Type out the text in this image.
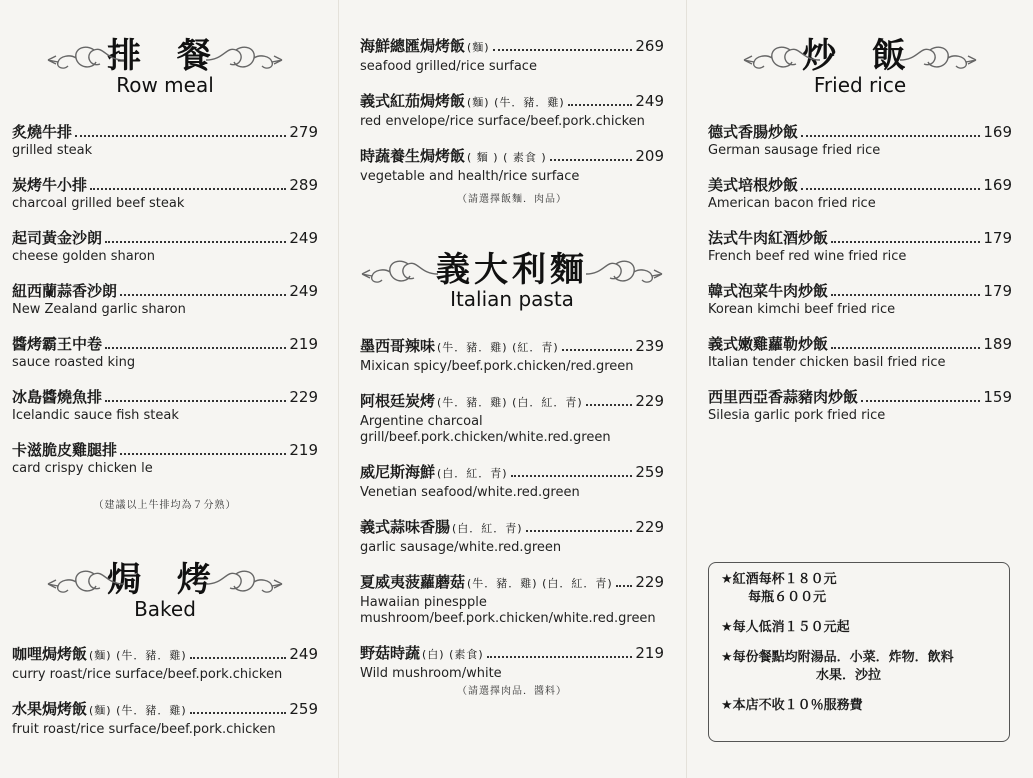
排 餐
Row meal
炙燒牛排	279
grilled steak
炭烤牛小排	289
charcoal grilled beef steak
起司黃金沙朗	249
cheese golden sharon
紐西蘭蒜香沙朗	249
New Zealand garlic sharon
醬烤霸王中卷	219
sauce roasted king
冰島醬燒魚排	229
Icelandic sauce fish steak
卡滋脆皮雞腿排	219
card crispy chicken le
（建議以上牛排均為７分熟）
焗 烤
Baked
咖哩焗烤飯 (麵) (牛．豬．雞)	249
curry roast/rice surface/beef.pork.chicken
水果焗烤飯 (麵) (牛．豬．雞)	259
fruit roast/rice surface/beef.pork.chicken
海鮮總匯焗烤飯 (麵)	269
seafood grilled/rice surface
義式紅茄焗烤飯 (麵) (牛．豬．雞)	249
red envelope/rice surface/beef.pork.chicken
時蔬養生焗烤飯 ( 麵 ) ( 素食 )	209
vegetable and health/rice surface
（請選擇飯麵．肉品）
義大利麵
Italian pasta
墨西哥辣味 (牛．豬．雞) (紅．青)	239
Mixican spicy/beef.pork.chicken/red.green
阿根廷炭烤 (牛．豬．雞) (白．紅．青)	229
Argentine charcoal
grill/beef.pork.chicken/white.red.green
威尼斯海鮮 (白．紅．青)	259
Venetian seafood/white.red.green
義式蒜味香腸 (白．紅．青)	229
garlic sausage/white.red.green
夏威夷菠蘿蘑菇 (牛．豬．雞) (白．紅．青) 229
Hawaiian pinespple
mushroom/beef.pork.chicken/white.red.green
野菇時蔬 (白) (素食)	219
Wild mushroom/white
（請選擇肉品．醬料）
炒 飯
Fried rice
德式香腸炒飯	169
German sausage fried rice
美式培根炒飯	169
American bacon fried rice
法式牛肉紅酒炒飯	179
French beef red wine fried rice
韓式泡菜牛肉炒飯	179
Korean kimchi beef fried rice
義式嫩雞蘿勒炒飯	189
Italian tender chicken basil fried rice
西里西亞香蒜豬肉炒飯	159
Silesia garlic pork fried rice
★紅酒每杯１８０元
每瓶６００元
★每人低消１５０元起
★每份餐點均附湯品．小菜．炸物．飲料
水果．沙拉
★本店不收１０％服務費
